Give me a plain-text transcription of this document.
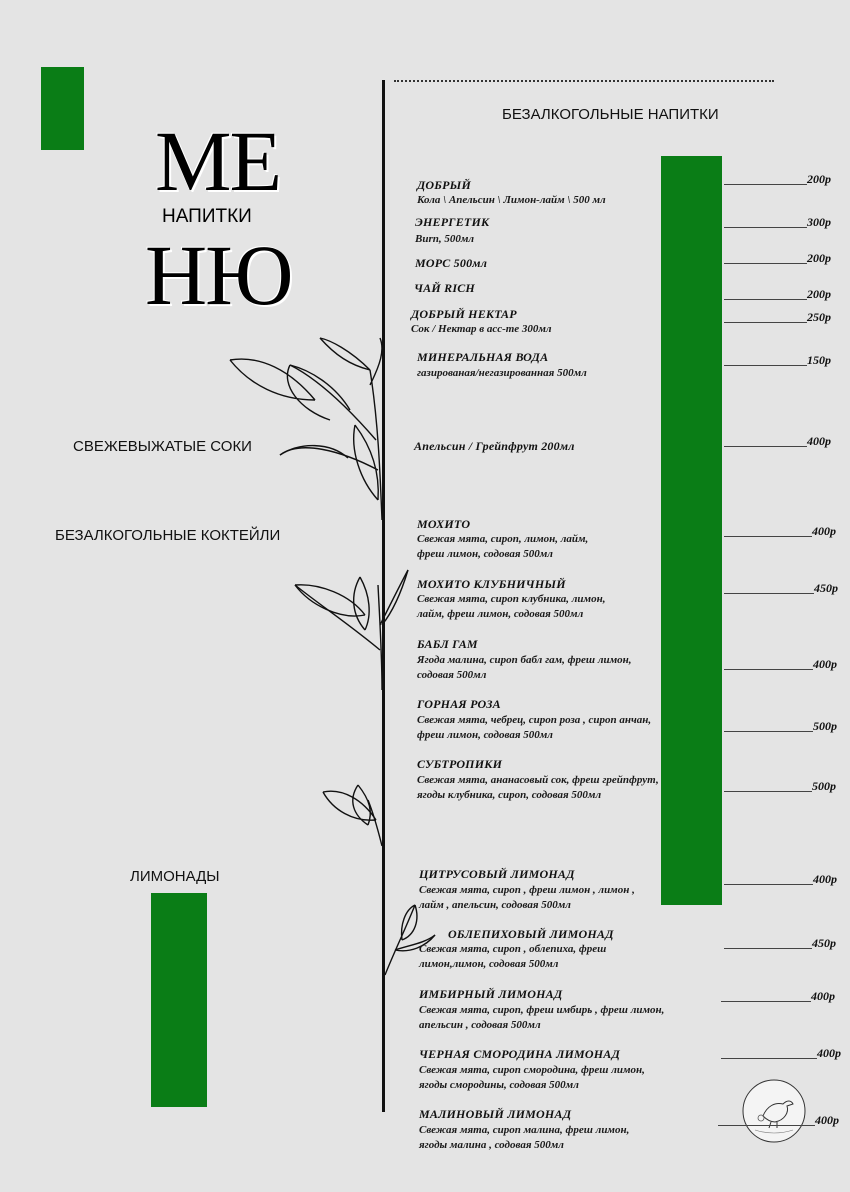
МЕ
НАПИТКИ
НЮ
БЕЗАЛКОГОЛЬНЫЕ НАПИТКИ
СВЕЖЕВЫЖАТЫЕ СОКИ
БЕЗАЛКОГОЛЬНЫЕ КОКТЕЙЛИ
ЛИМОНАДЫ
ДОБРЫЙ
Кола \ Апельсин \ Лимон-лайм \ 500 мл
200р
ЭНЕРГЕТИК
Burn, 500мл
300р
МОРС 500мл	200р
ЧАЙ RICH	200р
ДОБРЫЙ НЕКТАР
Сок / Нектар в асс-те 300мл
250р
МИНЕРАЛЬНАЯ ВОДА
газированая/негазированная 500мл
150р
Апельсин / Грейпфрут 200мл	400р
МОХИТО
Свежая мята, сироп, лимон, лайм,
фреш лимон, содовая 500мл
400р
МОХИТО КЛУБНИЧНЫЙ
Свежая мята, сироп клубника, лимон,
лайм, фреш лимон, содовая 500мл
450р
БАБЛ ГАМ
Ягода малина, сироп бабл гам, фреш лимон,
содовая 500мл
400р
ГОРНАЯ РОЗА
Свежая мята, чебрец, сироп роза , сироп анчан,
фреш лимон, содовая 500мл
500р
СУБТРОПИКИ
Свежая мята, ананасовый сок, фреш грейпфрут,
ягоды клубника, сироп, содовая 500мл
500р
ЦИТРУСОВЫЙ ЛИМОНАД
Свежая мята, сироп , фреш лимон , лимон ,
лайм , апельсин, содовая 500мл
400р
ОБЛЕПИХОВЫЙ ЛИМОНАД
Свежая мята, сироп , облепиха, фреш
лимон,лимон, содовая 500мл
450р
ИМБИРНЫЙ ЛИМОНАД
Свежая мята, сироп, фреш имбирь , фреш лимон,
апельсин , содовая 500мл
400р
ЧЕРНАЯ СМОРОДИНА ЛИМОНАД
Свежая мята, сироп смородина, фреш лимон,
ягоды смородины, содовая 500мл
400р
МАЛИНОВЫЙ ЛИМОНАД
Свежая мята, сироп малина, фреш лимон,
ягоды малина , содовая 500мл
400р
